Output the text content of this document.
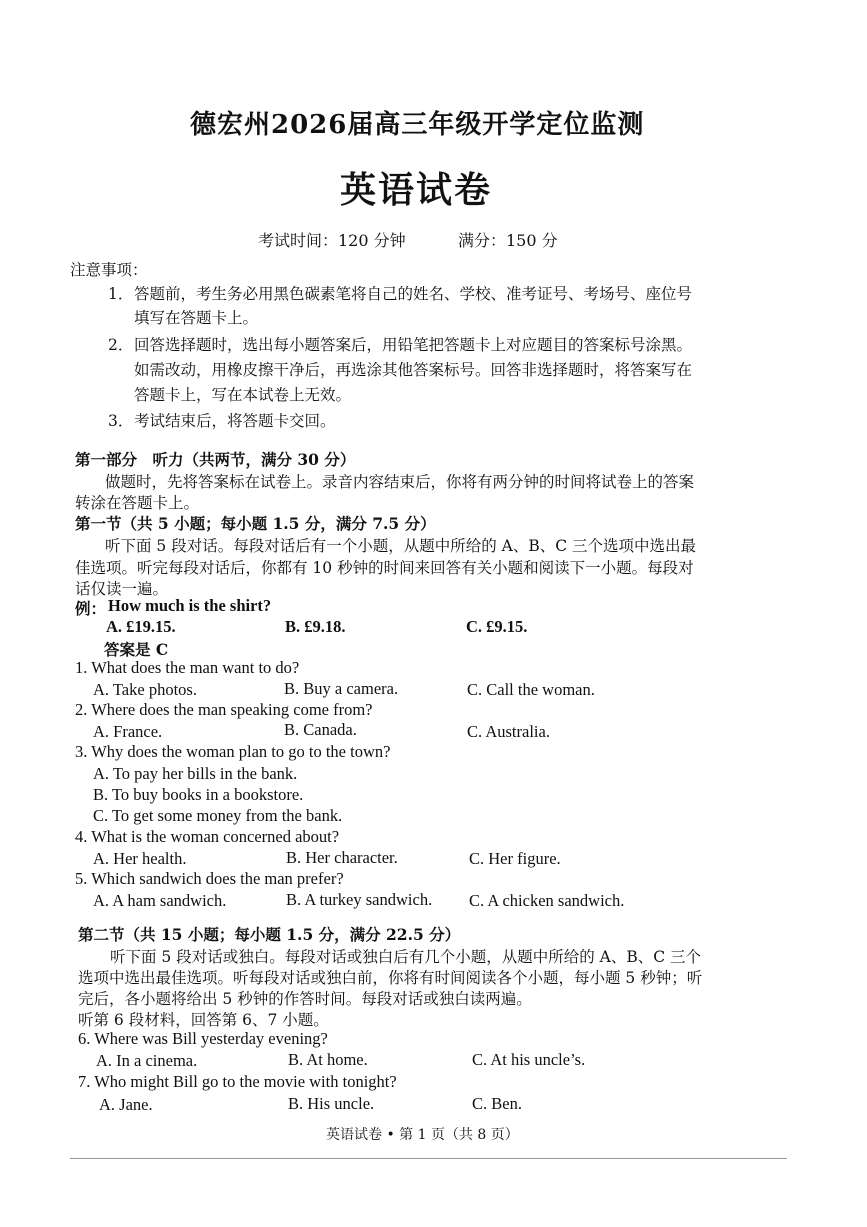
德宏州2026届高三年级开学定位监测
英语试卷
考试时间：120 分钟	满分：150 分
注意事项：
1． 答题前，考生务必用黑色碳素笔将自己的姓名、学校、准考证号、考场号、座位号
填写在答题卡上。
2． 回答选择题时，选出每小题答案后，用铅笔把答题卡上对应题目的答案标号涂黑。
如需改动，用橡皮擦干净后，再选涂其他答案标号。回答非选择题时，将答案写在
答题卡上，写在本试卷上无效。
3． 考试结束后，将答题卡交回。
第一部分　听力（共两节，满分 30 分）
做题时，先将答案标在试卷上。录音内容结束后，你将有两分钟的时间将试卷上的答案
转涂在答题卡上。
第一节（共 5 小题；每小题 1.5 分，满分 7.5 分）
听下面 5 段对话。每段对话后有一个小题，从题中所给的 A、B、C 三个选项中选出最
佳选项。听完每段对话后，你都有 10 秒钟的时间来回答有关小题和阅读下一小题。每段对
话仅读一遍。
例： How much is the shirt?
A. £19.15.	B. £9.18.	C. £9.15.
答案是 C
1. What does the man want to do?
A. Take photos.	B. Buy a camera.	C. Call the woman.
2. Where does the man speaking come from?
A. France.	B. Canada.	C. Australia.
3. Why does the woman plan to go to the town?
A. To pay her bills in the bank.
B. To buy books in a bookstore.
C. To get some money from the bank.
4. What is the woman concerned about?
A. Her health.	B. Her character.	C. Her figure.
5. Which sandwich does the man prefer?
A. A ham sandwich.	B. A turkey sandwich. C. A chicken sandwich.
第二节（共 15 小题；每小题 1.5 分，满分 22.5 分）
听下面 5 段对话或独白。每段对话或独白后有几个小题，从题中所给的 A、B、C 三个
选项中选出最佳选项。听每段对话或独白前，你将有时间阅读各个小题，每小题 5 秒钟；听
完后，各小题将给出 5 秒钟的作答时间。每段对话或独白读两遍。
听第 6 段材料，回答第 6、7 小题。
6. Where was Bill yesterday evening?
A. In a cinema.	B. At home.	C. At his uncle’s.
7. Who might Bill go to the movie with tonight?
A. Jane.	B. His uncle.	C. Ben.
英语试卷 • 第 1 页（共 8 页）
